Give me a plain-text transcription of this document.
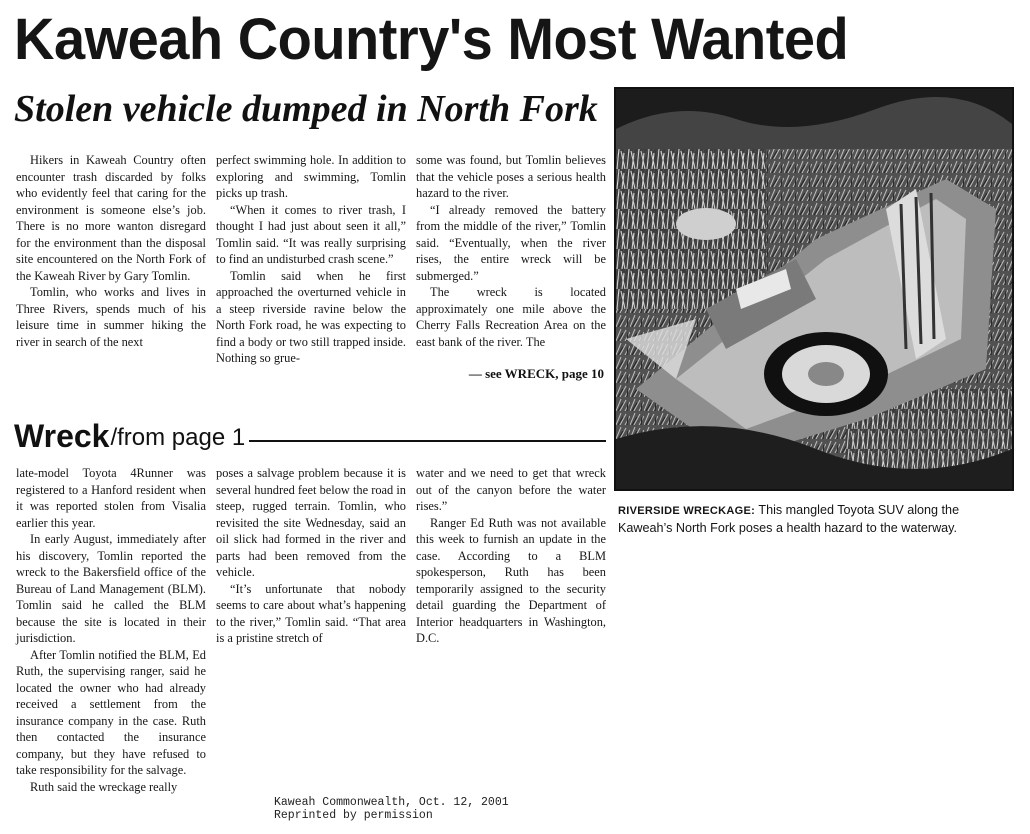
Kaweah Country's Most Wanted
Stolen vehicle dumped in North Fork

Hikers in Kaweah Country often encounter trash discarded by folks who evidently feel that caring for the environment is someone else’s job. There is no more wanton disregard for the environment than the disposal site encountered on the North Fork of the Kaweah River by Gary Tomlin.

Tomlin, who works and lives in Three Rivers, spends much of his leisure time in summer hiking the river in search of the next

perfect swimming hole. In addition to exploring and swimming, Tomlin picks up trash.

“When it comes to river trash, I thought I had just about seen it all,” Tomlin said. “It was really surprising to find an undisturbed crash scene.”

Tomlin said when he first approached the overturned vehicle in a steep riverside ravine below the North Fork road, he was expecting to find a body or two still trapped inside. Nothing so grue-

some was found, but Tomlin believes that the vehicle poses a serious health hazard to the river.

“I already removed the battery from the middle of the river,” Tomlin said. “Eventually, when the river rises, the entire wreck will be submerged.”

The wreck is located approximately one mile above the Cherry Falls Recreation Area on the east bank of the river. The

— see WRECK, page 10
Wreck /from page 1

late-model Toyota 4Runner was registered to a Hanford resident when it was reported stolen from Visalia earlier this year.

In early August, immediately after his discovery, Tomlin reported the wreck to the Bakersfield office of the Bureau of Land Management (BLM). Tomlin said he called the BLM because the site is located in their jurisdiction.

After Tomlin notified the BLM, Ed Ruth, the supervising ranger, said he located the owner who had already received a settlement from the insurance company in the case. Ruth then contacted the insurance company, but they have refused to take responsibility for the salvage.

Ruth said the wreckage really

poses a salvage problem because it is several hundred feet below the road in steep, rugged terrain. Tomlin, who revisited the site Wednesday, said an oil slick had formed in the river and parts had been removed from the vehicle.

“It’s unfortunate that nobody seems to care about what’s happening to the river,” Tomlin said. “That area is a pristine stretch of

water and we need to get that wreck out of the canyon before the water rises.”

Ranger Ed Ruth was not available this week to furnish an update in the case. According to a BLM spokesperson, Ruth has been temporarily assigned to the security detail guarding the Department of Interior headquarters in Washington, D.C.

RIVERSIDE WRECKAGE: This mangled Toyota SUV along the Kaweah’s North Fork poses a health hazard to the waterway.
Kaweah Commonwealth, Oct. 12, 2001
Reprinted by permission
